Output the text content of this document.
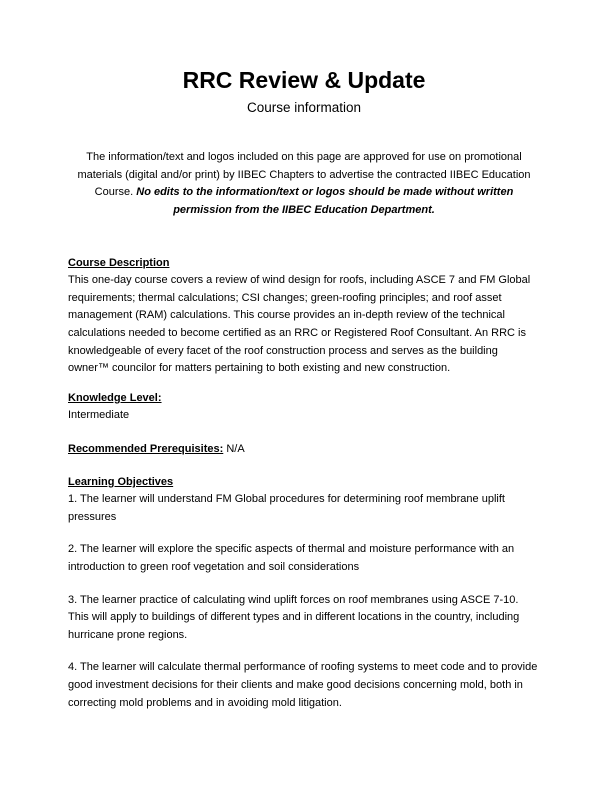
RRC Review & Update

Course information

The information/text and logos included on this page are approved for use on promotional materials (digital and/or print) by IIBEC Chapters to advertise the contracted IIBEC Education Course. No edits to the information/text or logos should be made without written permission from the IIBEC Education Department.

Course Description

This one-day course covers a review of wind design for roofs, including ASCE 7 and FM Global requirements; thermal calculations; CSI changes; green-roofing principles; and roof asset management (RAM) calculations. This course provides an in-depth review of the technical calculations needed to become certified as an RRC or Registered Roof Consultant. An RRC is knowledgeable of every facet of the roof construction process and serves as the building owner™ councilor for matters pertaining to both existing and new construction.

Knowledge Level:

Intermediate

Recommended Prerequisites: N/A
Learning Objectives

1. The learner will understand FM Global procedures for determining roof membrane uplift pressures

2. The learner will explore the specific aspects of thermal and moisture performance with an introduction to green roof vegetation and soil considerations

3. The learner practice of calculating wind uplift forces on roof membranes using ASCE 7-10. This will apply to buildings of different types and in different locations in the country, including hurricane prone regions.

4. The learner will calculate thermal performance of roofing systems to meet code and to provide good investment decisions for their clients and make good decisions concerning mold, both in correcting mold problems and in avoiding mold litigation.
